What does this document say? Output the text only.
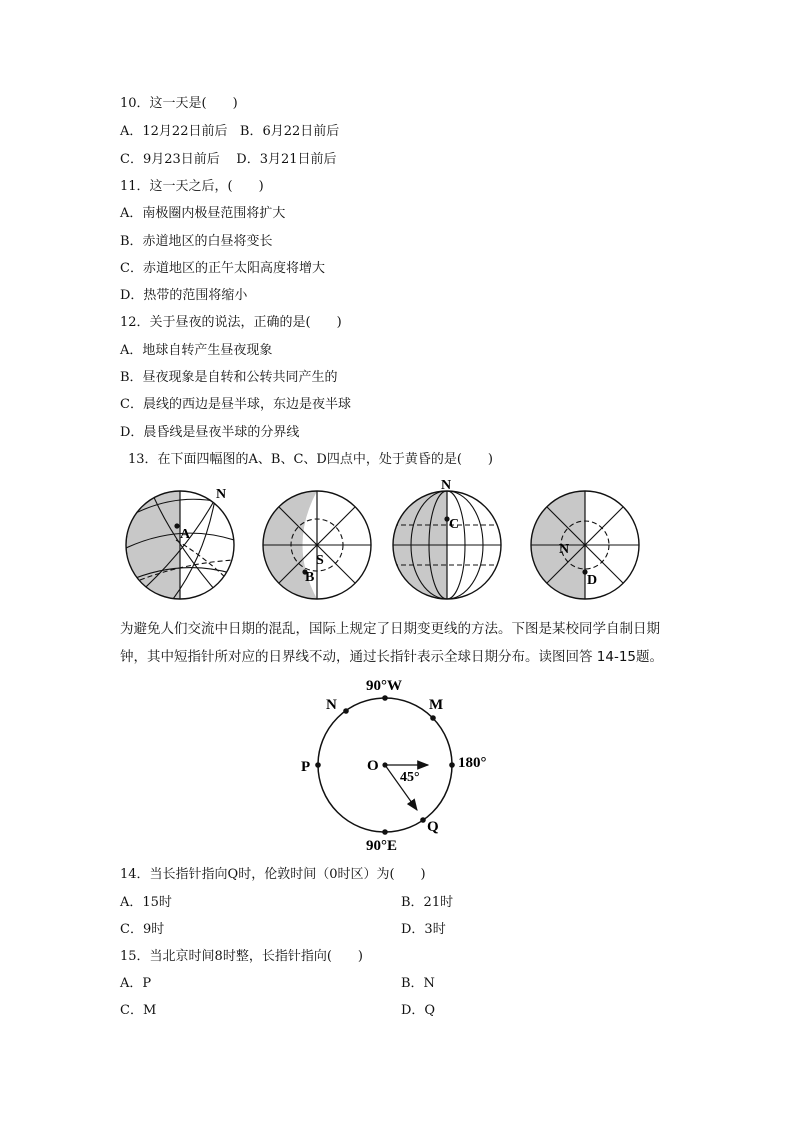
10．这一天是(　　)
A．12月22日前后 B．6月22日前后
C．9月23日前后 D．3月21日前后
11．这一天之后，(　　)
A．南极圈内极昼范围将扩大
B．赤道地区的白昼将变长
C．赤道地区的正午太阳高度将增大
D．热带的范围将缩小
12．关于昼夜的说法，正确的是(　　)
A．地球自转产生昼夜现象
B．昼夜现象是自转和公转共同产生的
C．晨线的西边是昼半球，东边是夜半球
D．晨昏线是昼夜半球的分界线
13．在下面四幅图的A、B、C、D四点中，处于黄昏的是(　　)
N
A
S
B
N
C
N
D
为避免人们交流中日期的混乱，国际上规定了日期变更线的方法。下图是某校同学自制日期钟，其中短指针所对应的日界线不动，通过长指针表示全球日期分布。读图回答 14-15题。
90°W
N	M
P	O	180°
45°
Q
90°E
14．当长指针指向Q时，伦敦时间（0时区）为(　　)
A．15时	B．21时
C．9时	D．3时
15．当北京时间8时整，长指针指向(　　)
A．P	B．N
C．M	D．Q
